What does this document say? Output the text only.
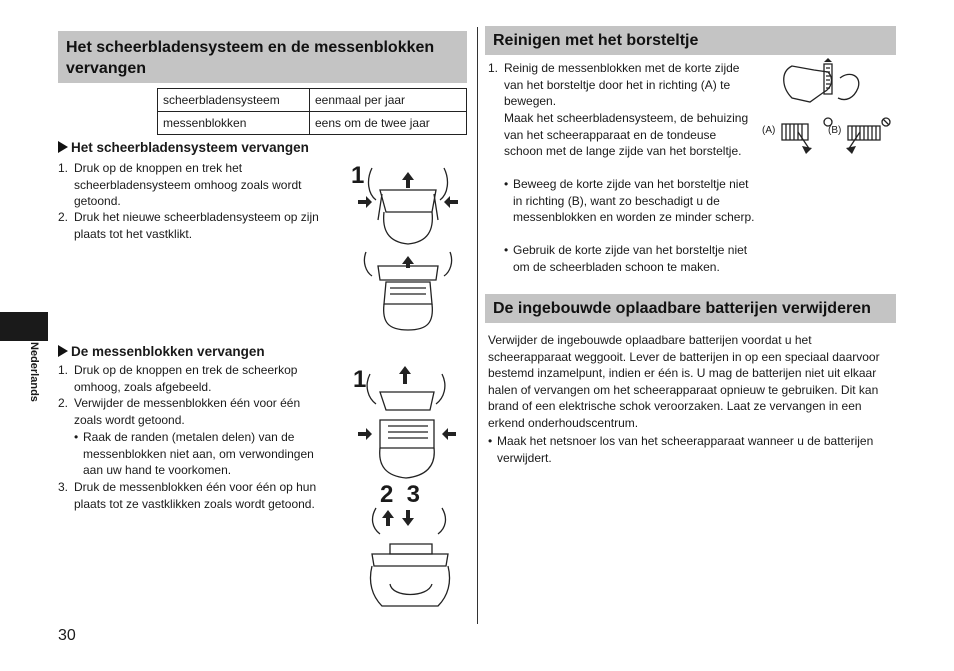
Het scheerbladensysteem en de messenblokken vervangen
scheerbladensysteem	eenmaal per jaar
messenblokken	eens om de twee jaar
Het scheerbladensysteem vervangen
1. Druk op de knoppen en trek het scheerbladensysteem omhoog zoals wordt getoond.
2. Druk het nieuwe scheerbladensysteem op zijn plaats tot het vastklikt.
De messenblokken vervangen
1. Druk op de knoppen en trek de scheerkop omhoog, zoals afgebeeld.
2. Verwijder de messenblokken één voor één zoals wordt getoond.
• Raak de randen (metalen delen) van de messenblokken niet aan, om verwondingen aan uw hand te voorkomen.
3. Druk de messenblokken één voor één op hun plaats tot ze vastklikken zoals wordt getoond.
1
1
2  3
Nederlands
30
Reinigen met het borsteltje
1. Reinig de messenblokken met de korte zijde van het borsteltje door het in richting (A) te bewegen.
Maak het scheerbladensysteem, de behuizing van het scheerapparaat en de tondeuse schoon met de lange zijde van het borsteltje.
• Beweeg de korte zijde van het borsteltje niet in richting (B), want zo beschadigt u de messenblokken en worden ze minder scherp.
• Gebruik de korte zijde van het borsteltje niet om de scheerbladen schoon te maken.
(A)	(B)
De ingebouwde oplaadbare batterijen verwijderen
Verwijder de ingebouwde oplaadbare batterijen voordat u het scheerapparaat weggooit. Lever de batterijen in op een speciaal daarvoor bestemd inzamelpunt, indien er één is. U mag de batterijen niet uit elkaar halen of vervangen om het scheerapparaat opnieuw te gebruiken. Dit kan brand of een elektrische schok veroorzaken. Laat ze vervangen in een erkend onderhoudscentrum.
• Maak het netsnoer los van het scheerapparaat wanneer u de batterijen verwijdert.
